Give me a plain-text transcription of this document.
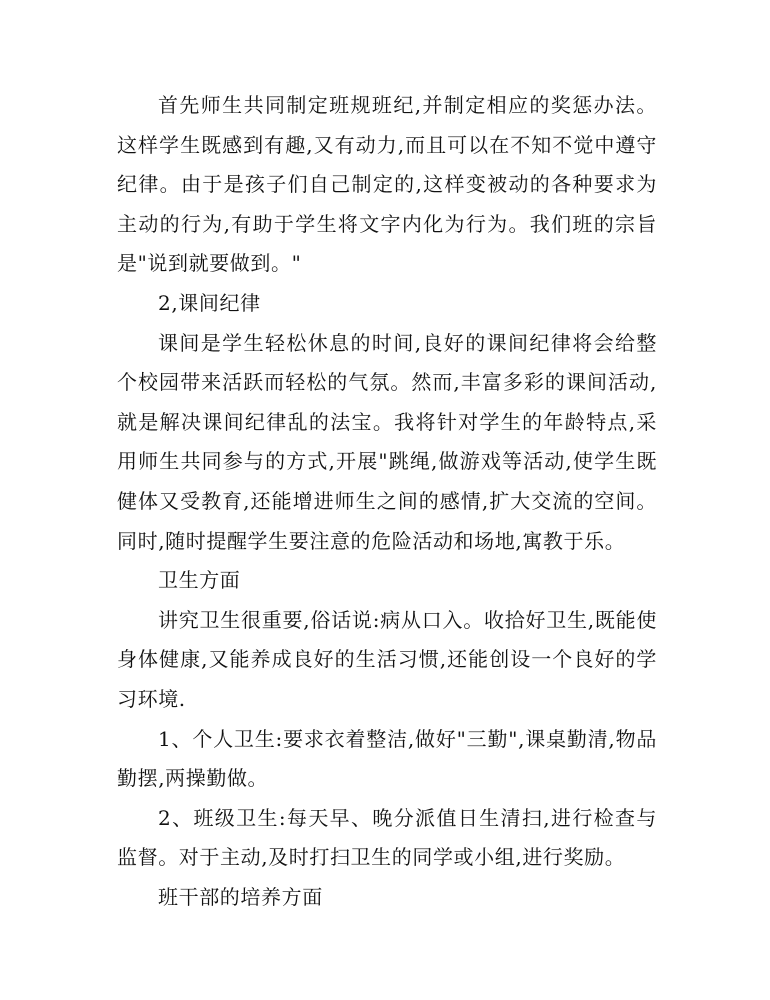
首先师生共同制定班规班纪,并制定相应的奖惩办法。这样学生既感到有趣,又有动力,而且可以在不知不觉中遵守纪律。由于是孩子们自己制定的,这样变被动的各种要求为主动的行为,有助于学生将文字内化为行为。我们班的宗旨是"说到就要做到。"

2,课间纪律

课间是学生轻松休息的时间,良好的课间纪律将会给整个校园带来活跃而轻松的气氛。然而,丰富多彩的课间活动,就是解决课间纪律乱的法宝。我将针对学生的年龄特点,采用师生共同参与的方式,开展"跳绳,做游戏等活动,使学生既健体又受教育,还能增进师生之间的感情,扩大交流的空间。同时,随时提醒学生要注意的危险活动和场地,寓教于乐。

卫生方面

讲究卫生很重要,俗话说:病从口入。收拾好卫生,既能使身体健康,又能养成良好的生活习惯,还能创设一个良好的学习环境.

1、个人卫生:要求衣着整洁,做好"三勤",课桌勤清,物品勤摆,两操勤做。

2、班级卫生:每天早、晚分派值日生清扫,进行检查与监督。对于主动,及时打扫卫生的同学或小组,进行奖励。

班干部的培养方面
